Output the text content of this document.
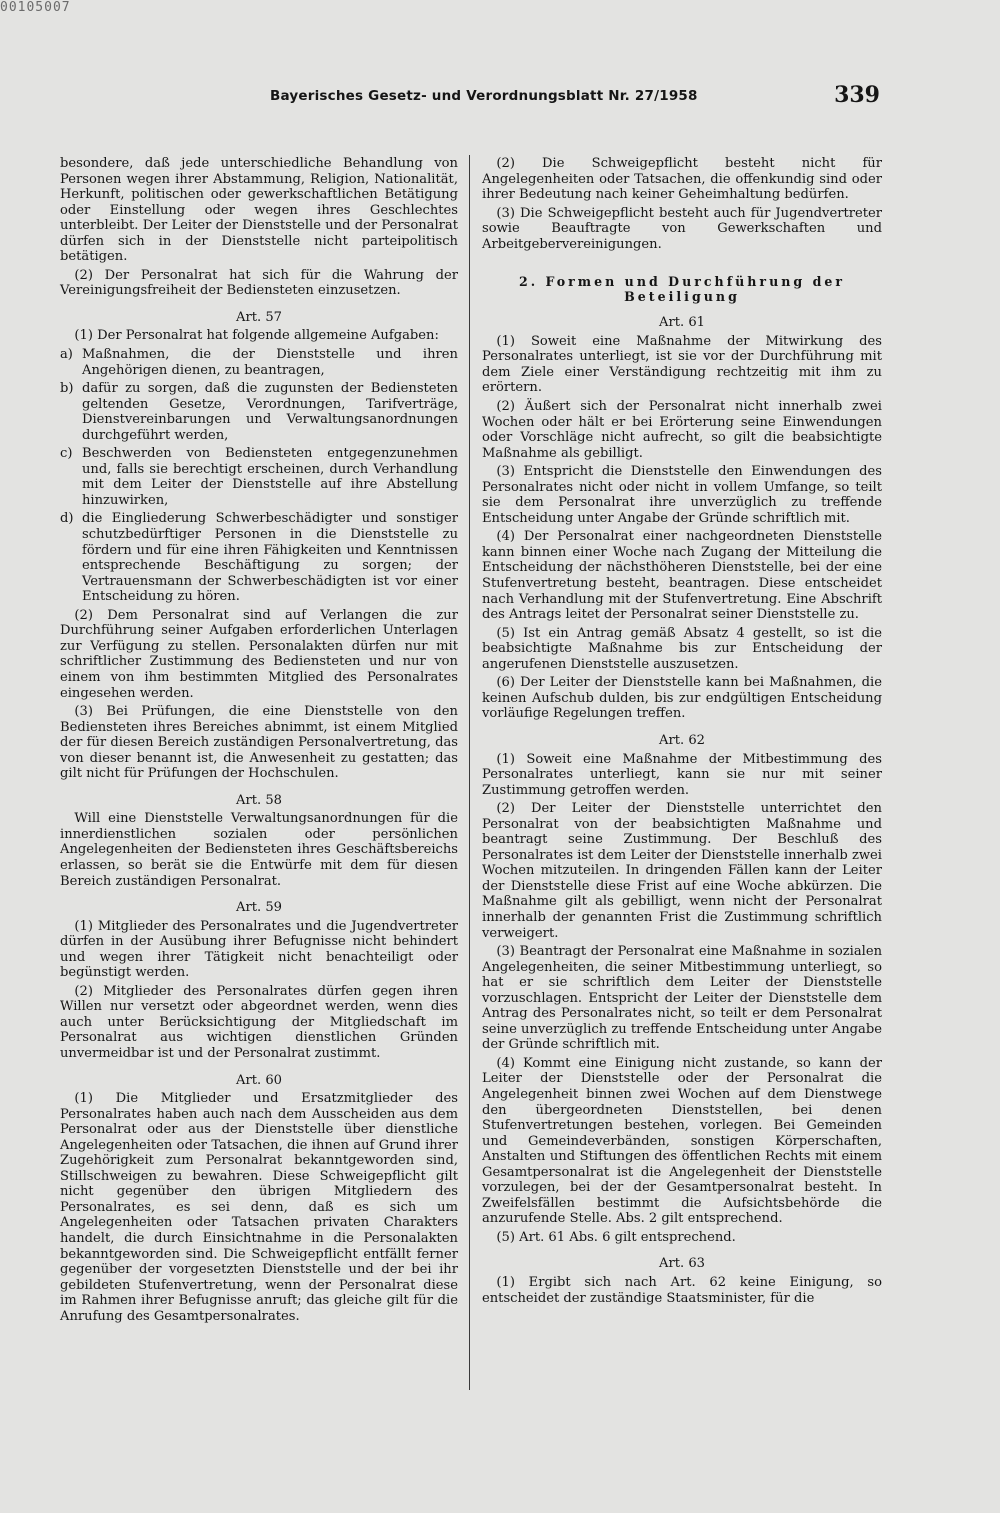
00105007
Bayerisches Gesetz- und Verordnungsblatt Nr. 27/1958	339

besondere, daß jede unterschiedliche Behandlung von Personen wegen ihrer Abstammung, Religion, Nationalität, Herkunft, politischen oder gewerkschaftlichen Betätigung oder Einstellung oder wegen ihres Geschlechtes unterbleibt. Der Leiter der Dienststelle und der Personalrat dürfen sich in der Dienststelle nicht parteipolitisch betätigen.

(2) Der Personalrat hat sich für die Wahrung der Vereinigungsfreiheit der Bediensteten einzusetzen.

Art. 57

(1) Der Personalrat hat folgende allgemeine Aufgaben:

a) Maßnahmen, die der Dienststelle und ihren Angehörigen dienen, zu beantragen,
b) dafür zu sorgen, daß die zugunsten der Bediensteten geltenden Gesetze, Verordnungen, Tarifverträge, Dienstvereinbarungen und Verwaltungsanordnungen durchgeführt werden,
c) Beschwerden von Bediensteten entgegenzunehmen und, falls sie berechtigt erscheinen, durch Verhandlung mit dem Leiter der Dienststelle auf ihre Abstellung hinzuwirken,
d) die Eingliederung Schwerbeschädigter und sonstiger schutzbedürftiger Personen in die Dienststelle zu fördern und für eine ihren Fähigkeiten und Kenntnissen entsprechende Beschäftigung zu sorgen; der Vertrauensmann der Schwerbeschädigten ist vor einer Entscheidung zu hören.

(2) Dem Personalrat sind auf Verlangen die zur Durchführung seiner Aufgaben erforderlichen Unterlagen zur Verfügung zu stellen. Personalakten dürfen nur mit schriftlicher Zustimmung des Bediensteten und nur von einem von ihm bestimmten Mitglied des Personalrates eingesehen werden.

(3) Bei Prüfungen, die eine Dienststelle von den Bediensteten ihres Bereiches abnimmt, ist einem Mitglied der für diesen Bereich zuständigen Personalvertretung, das von dieser benannt ist, die Anwesenheit zu gestatten; das gilt nicht für Prüfungen der Hochschulen.

Art. 58

Will eine Dienststelle Verwaltungsanordnungen für die innerdienstlichen sozialen oder persönlichen Angelegenheiten der Bediensteten ihres Geschäftsbereichs erlassen, so berät sie die Entwürfe mit dem für diesen Bereich zuständigen Personalrat.

Art. 59

(1) Mitglieder des Personalrates und die Jugendvertreter dürfen in der Ausübung ihrer Befugnisse nicht behindert und wegen ihrer Tätigkeit nicht benachteiligt oder begünstigt werden.

(2) Mitglieder des Personalrates dürfen gegen ihren Willen nur versetzt oder abgeordnet werden, wenn dies auch unter Berücksichtigung der Mitgliedschaft im Personalrat aus wichtigen dienstlichen Gründen unvermeidbar ist und der Personalrat zustimmt.

Art. 60

(1) Die Mitglieder und Ersatzmitglieder des Personalrates haben auch nach dem Ausscheiden aus dem Personalrat oder aus der Dienststelle über dienstliche Angelegenheiten oder Tatsachen, die ihnen auf Grund ihrer Zugehörigkeit zum Personalrat bekanntgeworden sind, Stillschweigen zu bewahren. Diese Schweigepflicht gilt nicht gegenüber den übrigen Mitgliedern des Personalrates, es sei denn, daß es sich um Angelegenheiten oder Tatsachen privaten Charakters handelt, die durch Einsichtnahme in die Personalakten bekanntgeworden sind. Die Schweigepflicht entfällt ferner gegenüber der vorgesetzten Dienststelle und der bei ihr gebildeten Stufenvertretung, wenn der Personalrat diese im Rahmen ihrer Befugnisse anruft; das gleiche gilt für die Anrufung des Gesamtpersonalrates.

(2) Die Schweigepflicht besteht nicht für Angelegenheiten oder Tatsachen, die offenkundig sind oder ihrer Bedeutung nach keiner Geheimhaltung bedürfen.

(3) Die Schweigepflicht besteht auch für Jugendvertreter sowie Beauftragte von Gewerkschaften und Arbeitgebervereinigungen.

2. Formen und Durchführung der Beteiligung
Art. 61

(1) Soweit eine Maßnahme der Mitwirkung des Personalrates unterliegt, ist sie vor der Durchführung mit dem Ziele einer Verständigung rechtzeitig mit ihm zu erörtern.

(2) Äußert sich der Personalrat nicht innerhalb zwei Wochen oder hält er bei Erörterung seine Einwendungen oder Vorschläge nicht aufrecht, so gilt die beabsichtigte Maßnahme als gebilligt.

(3) Entspricht die Dienststelle den Einwendungen des Personalrates nicht oder nicht in vollem Umfange, so teilt sie dem Personalrat ihre unverzüglich zu treffende Entscheidung unter Angabe der Gründe schriftlich mit.

(4) Der Personalrat einer nachgeordneten Dienststelle kann binnen einer Woche nach Zugang der Mitteilung die Entscheidung der nächsthöheren Dienststelle, bei der eine Stufenvertretung besteht, beantragen. Diese entscheidet nach Verhandlung mit der Stufenvertretung. Eine Abschrift des Antrags leitet der Personalrat seiner Dienststelle zu.

(5) Ist ein Antrag gemäß Absatz 4 gestellt, so ist die beabsichtigte Maßnahme bis zur Entscheidung der angerufenen Dienststelle auszusetzen.

(6) Der Leiter der Dienststelle kann bei Maßnahmen, die keinen Aufschub dulden, bis zur endgültigen Entscheidung vorläufige Regelungen treffen.

Art. 62

(1) Soweit eine Maßnahme der Mitbestimmung des Personalrates unterliegt, kann sie nur mit seiner Zustimmung getroffen werden.

(2) Der Leiter der Dienststelle unterrichtet den Personalrat von der beabsichtigten Maßnahme und beantragt seine Zustimmung. Der Beschluß des Personalrates ist dem Leiter der Dienststelle innerhalb zwei Wochen mitzuteilen. In dringenden Fällen kann der Leiter der Dienststelle diese Frist auf eine Woche abkürzen. Die Maßnahme gilt als gebilligt, wenn nicht der Personalrat innerhalb der genannten Frist die Zustimmung schriftlich verweigert.

(3) Beantragt der Personalrat eine Maßnahme in sozialen Angelegenheiten, die seiner Mitbestimmung unterliegt, so hat er sie schriftlich dem Leiter der Dienststelle vorzuschlagen. Entspricht der Leiter der Dienststelle dem Antrag des Personalrates nicht, so teilt er dem Personalrat seine unverzüglich zu treffende Entscheidung unter Angabe der Gründe schriftlich mit.

(4) Kommt eine Einigung nicht zustande, so kann der Leiter der Dienststelle oder der Personalrat die Angelegenheit binnen zwei Wochen auf dem Dienstwege den übergeordneten Dienststellen, bei denen Stufenvertretungen bestehen, vorlegen. Bei Gemeinden und Gemeindeverbänden, sonstigen Körperschaften, Anstalten und Stiftungen des öffentlichen Rechts mit einem Gesamtpersonalrat ist die Angelegenheit der Dienststelle vorzulegen, bei der der Gesamtpersonalrat besteht. In Zweifelsfällen bestimmt die Aufsichtsbehörde die anzurufende Stelle. Abs. 2 gilt entsprechend.

(5) Art. 61 Abs. 6 gilt entsprechend.

Art. 63

(1) Ergibt sich nach Art. 62 keine Einigung, so entscheidet der zuständige Staatsminister, für die
